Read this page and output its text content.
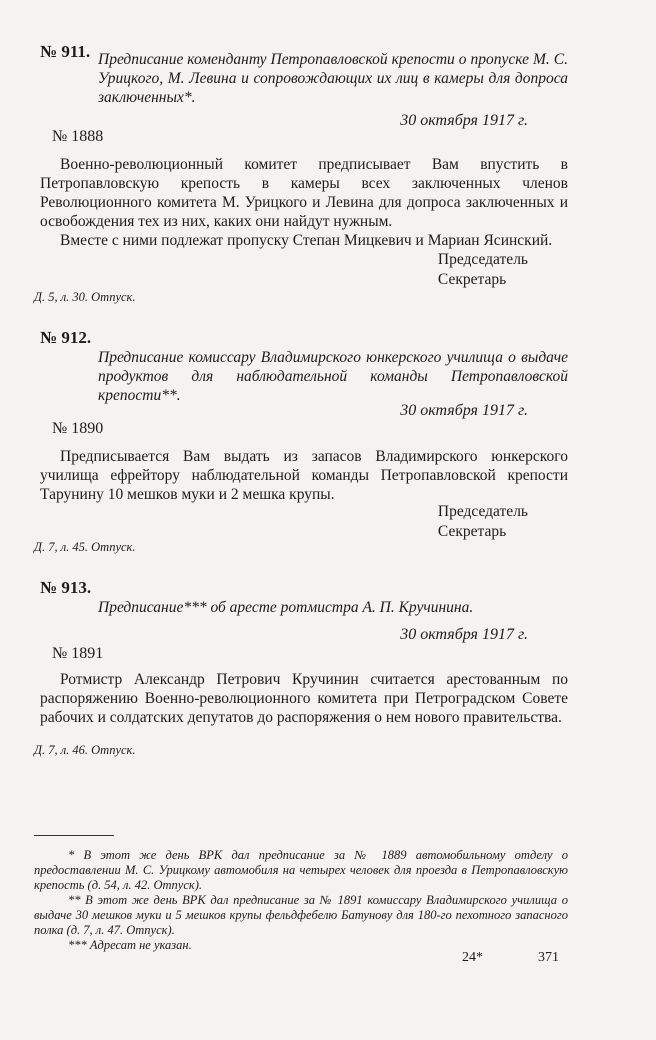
№ 911. Предписание коменданту Петропавловской крепости о пропуске М. С. Урицкого, М. Левина и сопровождающих их лиц в камеры для допроса заключенных*.
30 октября 1917 г.
№ 1888

Военно-революционный комитет предписывает Вам впустить в Петропавловскую крепость в камеры всех заключенных членов Революционного комитета М. Урицкого и Левина для допроса заключенных и освобождения тех из них, каких они найдут нужным.

Вместе с ними подлежат пропуску Степан Мицкевич и Мариан Ясинский.

Председатель
Секретарь
Д. 5, л. 30. Отпуск.
№ 912.
Предписание комиссару Владимирского юнкерского училища о выдаче продуктов для наблюдательной команды Петропавловской крепости**.
30 октября 1917 г.
№ 1890

Предписывается Вам выдать из запасов Владимирского юнкерского училища ефрейтору наблюдательной команды Петропавловской крепости Тарунину 10 мешков муки и 2 мешка крупы.

Председатель
Секретарь
Д. 7, л. 45. Отпуск.
№ 913.
Предписание*** об аресте ротмистра А. П. Кручинина.
30 октября 1917 г.
№ 1891

Ротмистр Александр Петрович Кручинин считается арестованным по распоряжению Военно-революционного комитета при Петроградском Совете рабочих и солдатских депутатов до распоряжения о нем нового правительства.

Д. 7, л. 46. Отпуск.

* В этот же день ВРК дал предписание за № 1889 автомобильному отделу о предоставлении М. С. Урицкому автомобиля на четырех человек для проезда в Петропавловскую крепость (д. 54, л. 42. Отпуск).

** В этот же день ВРК дал предписание за № 1891 комиссару Владимирского училища о выдаче 30 мешков муки и 5 мешков крупы фельдфебелю Батунову для 180-го пехотного запасного полка (д. 7, л. 47. Отпуск).

*** Адресат не указан.

24*	371
